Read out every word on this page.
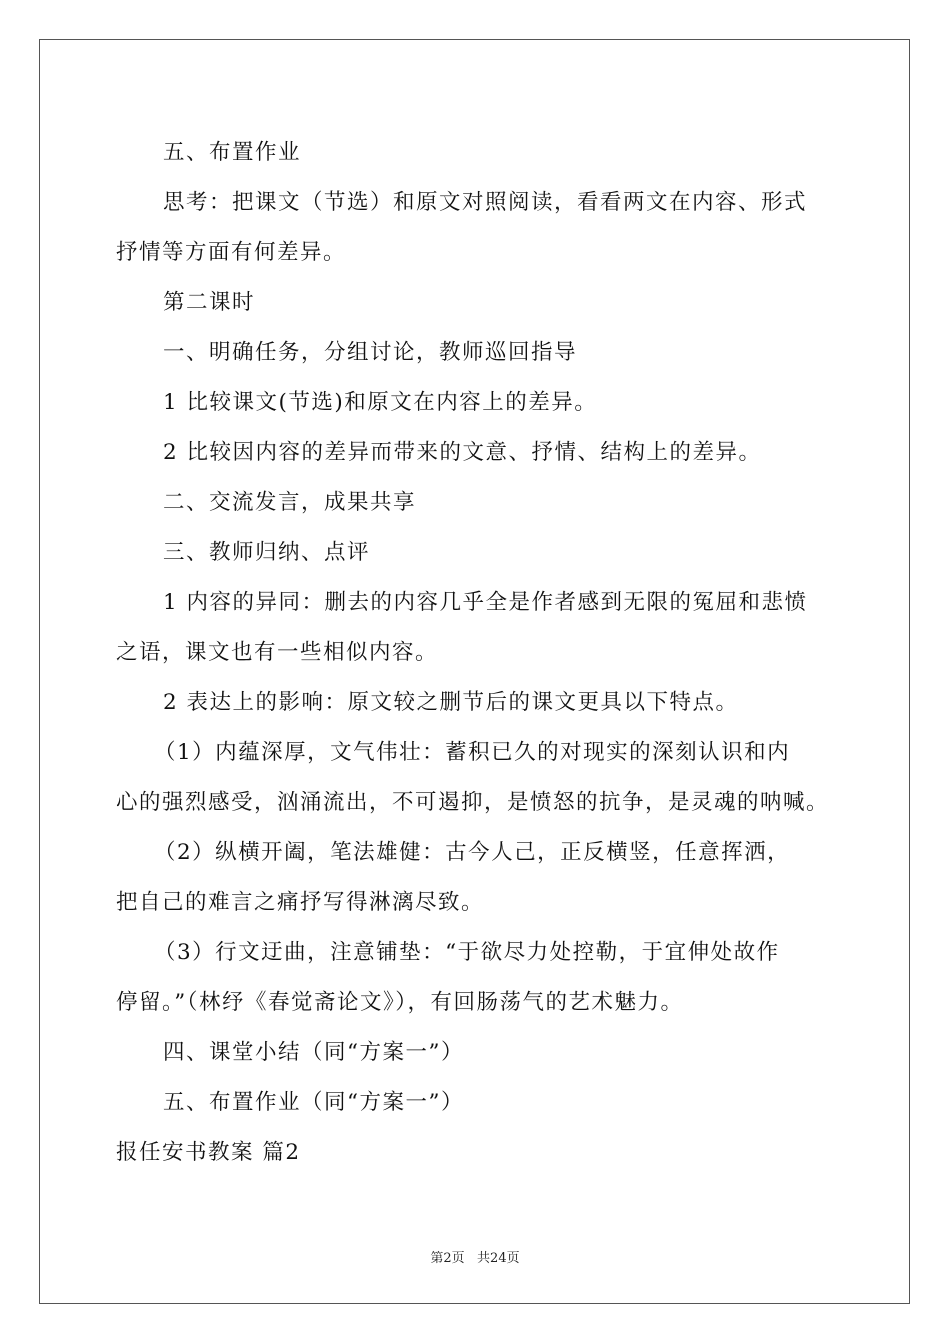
五、布置作业
思考：把课文（节选）和原文对照阅读，看看两文在内容、形式
抒情等方面有何差异。
第二课时
一、明确任务，分组讨论，教师巡回指导
1 比较课文(节选)和原文在内容上的差异。
2 比较因内容的差异而带来的文意、抒情、结构上的差异。
二、交流发言，成果共享
三、教师归纳、点评
1 内容的异同：删去的内容几乎全是作者感到无限的冤屈和悲愤
之语，课文也有一些相似内容。
2 表达上的影响：原文较之删节后的课文更具以下特点。
（1）内蕴深厚，文气伟壮：蓄积已久的对现实的深刻认识和内
心的强烈感受，汹涌流出，不可遏抑，是愤怒的抗争，是灵魂的呐喊。
（2）纵横开阖，笔法雄健：古今人己，正反横竖，任意挥洒，
把自己的难言之痛抒写得淋漓尽致。
（3）行文迂曲，注意铺垫：“于欲尽力处控勒，于宜伸处故作
停留。”（林纾《春觉斋论文》），有回肠荡气的艺术魅力。
四、课堂小结（同“方案一”）
五、布置作业（同“方案一”）
报任安书教案 篇2
第2页   共24页
